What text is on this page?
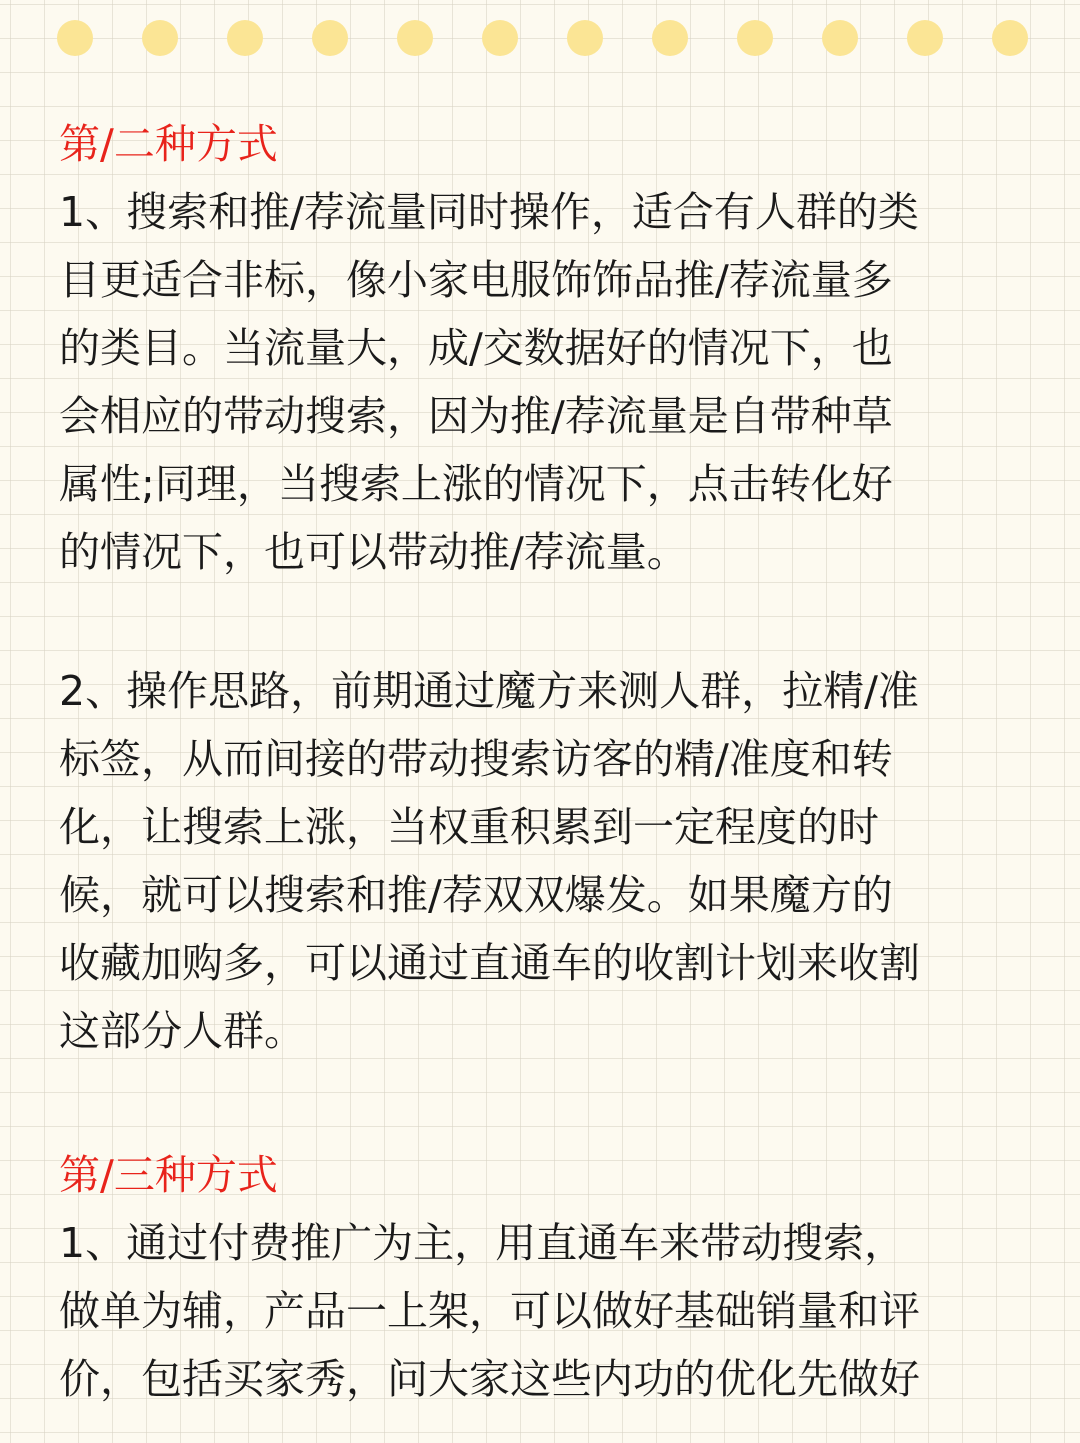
第/二种方式
1、搜索和推/荐流量同时操作，适合有人群的类
目更适合非标，像小家电服饰饰品推/荐流量多
的类目。当流量大，成/交数据好的情况下，也
会相应的带动搜索，因为推/荐流量是自带种草
属性;同理，当搜索上涨的情况下，点击转化好
的情况下，也可以带动推/荐流量。
2、操作思路，前期通过魔方来测人群，拉精/准
标签，从而间接的带动搜索访客的精/准度和转
化，让搜索上涨，当权重积累到一定程度的时
候，就可以搜索和推/荐双双爆发。如果魔方的
收藏加购多，可以通过直通车的收割计划来收割
这部分人群。
第/三种方式
1、通过付费推广为主，用直通车来带动搜索，
做单为辅，产品一上架，可以做好基础销量和评
价，包括买家秀，问大家这些内功的优化先做好
